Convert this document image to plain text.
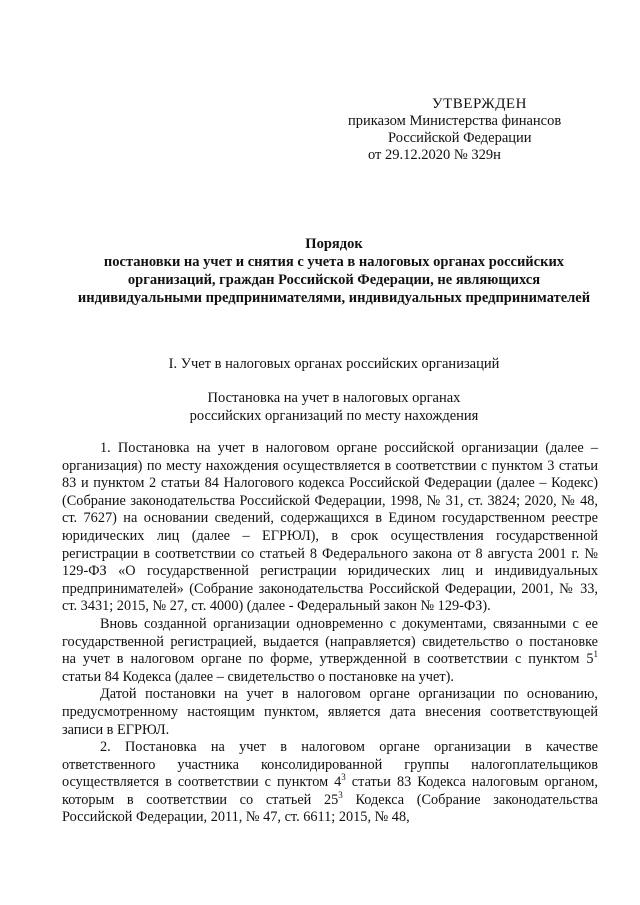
УТВЕРЖДЕН
приказом Министерства финансов
Российской Федерации
от 29.12.2020 № 329н
Порядок
постановки на учет и снятия с учета в налоговых органах российских
организаций, граждан Российской Федерации, не являющихся
индивидуальными предпринимателями, индивидуальных предпринимателей
I. Учет в налоговых органах российских организаций
Постановка на учет в налоговых органах
российских организаций по месту нахождения

1. Постановка на учет в налоговом органе российской организации (далее – организация) по месту нахождения осуществляется в соответствии с пунктом 3 статьи 83 и пунктом 2 статьи 84 Налогового кодекса Российской Федерации (далее – Кодекс) (Собрание законодательства Российской Федерации, 1998, № 31, ст. 3824; 2020, № 48, ст. 7627) на основании сведений, содержащихся в Едином государственном реестре юридических лиц (далее – ЕГРЮЛ), в срок осуществления государственной регистрации в соответствии со статьей 8 Федерального закона от 8 августа 2001 г. № 129-ФЗ «О государственной регистрации юридических лиц и индивидуальных предпринимателей» (Собрание законодательства Российской Федерации, 2001, № 33, ст. 3431; 2015, № 27, ст. 4000) (далее - Федеральный закон № 129-ФЗ).

Вновь созданной организации одновременно с документами, связанными с ее государственной регистрацией, выдается (направляется) свидетельство о постановке на учет в налоговом органе по форме, утвержденной в соответствии с пунктом $5^1$ статьи 84 Кодекса (далее – свидетельство о постановке на учет).

Датой постановки на учет в налоговом органе организации по основанию, предусмотренному настоящим пунктом, является дата внесения соответствующей записи в ЕГРЮЛ.

2. Постановка на учет в налоговом органе организации в качестве ответственного участника консолидированной группы налогоплательщиков осуществляется в соответствии с пунктом $4^3$ статьи 83 Кодекса налоговым органом, которым в соответствии со статьей $25^3$ Кодекса (Собрание законодательства Российской Федерации, 2011, № 47, ст. 6611; 2015, № 48,
